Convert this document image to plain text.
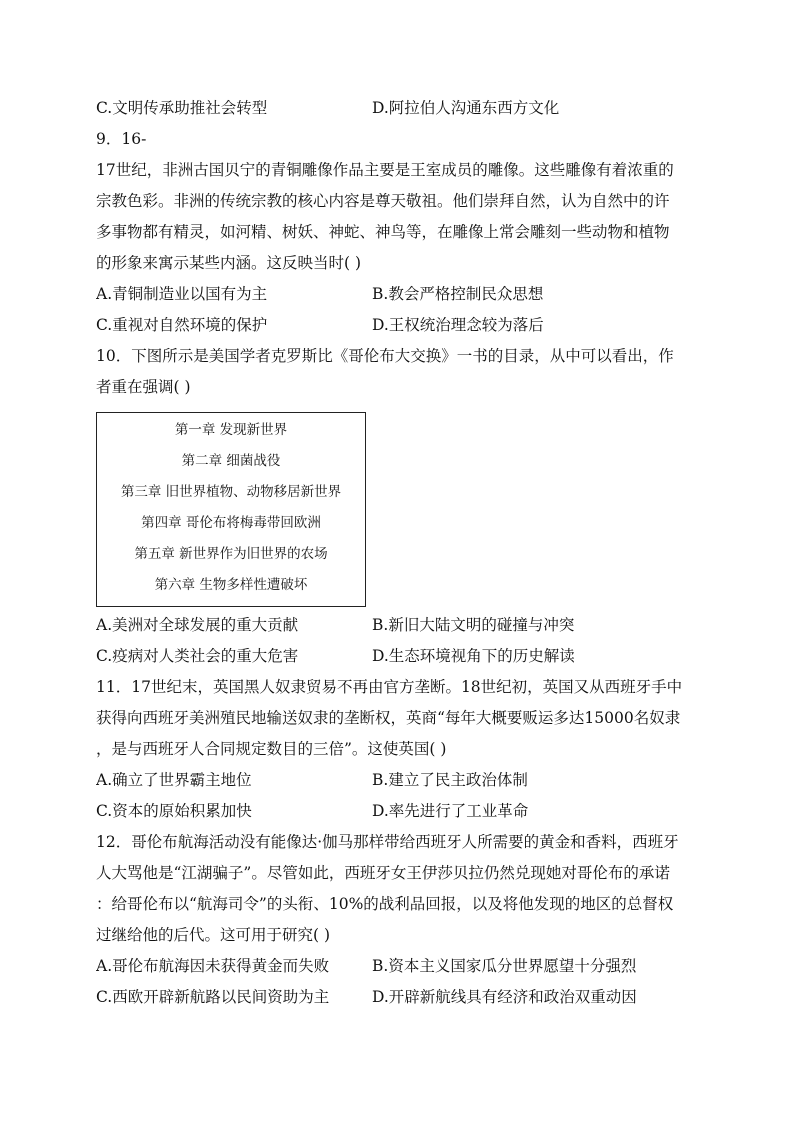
C.文明传承助推社会转型	D.阿拉伯人沟通东西方文化
9．16-
17世纪，非洲古国贝宁的青铜雕像作品主要是王室成员的雕像。这些雕像有着浓重的
宗教色彩。非洲的传统宗教的核心内容是尊天敬祖。他们崇拜自然，认为自然中的许
多事物都有精灵，如河精、树妖、神蛇、神鸟等，在雕像上常会雕刻一些动物和植物
的形象来寓示某些内涵。这反映当时( )
A.青铜制造业以国有为主	B.教会严格控制民众思想
C.重视对自然环境的保护	D.王权统治理念较为落后
10．下图所示是美国学者克罗斯比《哥伦布大交换》一书的目录，从中可以看出，作
者重在强调( )
第一章 发现新世界
第二章 细菌战役
第三章 旧世界植物、动物移居新世界
第四章 哥伦布将梅毒带回欧洲
第五章 新世界作为旧世界的农场
第六章 生物多样性遭破坏
A.美洲对全球发展的重大贡献	B.新旧大陆文明的碰撞与冲突
C.疫病对人类社会的重大危害	D.生态环境视角下的历史解读
11．17世纪末，英国黑人奴隶贸易不再由官方垄断。18世纪初，英国又从西班牙手中
获得向西班牙美洲殖民地输送奴隶的垄断权，英商“每年大概要贩运多达15000名奴隶
，是与西班牙人合同规定数目的三倍”。这使英国( )
A.确立了世界霸主地位	B.建立了民主政治体制
C.资本的原始积累加快	D.率先进行了工业革命
12．哥伦布航海活动没有能像达·伽马那样带给西班牙人所需要的黄金和香料，西班牙
人大骂他是“江湖骗子”。尽管如此，西班牙女王伊莎贝拉仍然兑现她对哥伦布的承诺
：给哥伦布以“航海司令”的头衔、10%的战利品回报，以及将他发现的地区的总督权
过继给他的后代。这可用于研究( )
A.哥伦布航海因未获得黄金而失败	B.资本主义国家瓜分世界愿望十分强烈
C.西欧开辟新航路以民间资助为主	D.开辟新航线具有经济和政治双重动因
